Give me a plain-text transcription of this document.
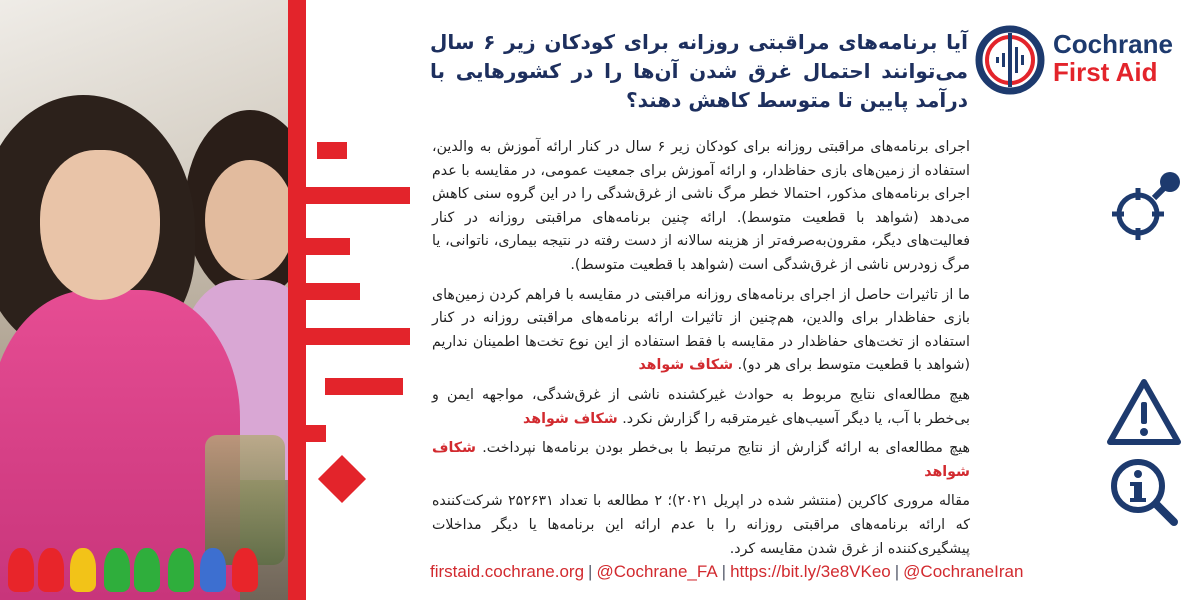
Cochrane
First Aid
آیا برنامه‌های مراقبتی روزانه برای کودکان زیر ۶ سال می‌توانند احتمال غرق شدن آن‌ها را در کشورهایی با درآمد پایین تا متوسط کاهش دهند؟

اجرای برنامه‌های مراقبتی روزانه برای کودکان زیر ۶ سال در کنار ارائه آموزش به والدین، استفاده از زمین‌های بازی حفاظدار، و ارائه آموزش برای جمعیت عمومی، در مقایسه با عدم اجرای برنامه‌های مذکور، احتمالا خطر مرگ ناشی از غرق‌شدگی را در این گروه سنی کاهش می‌دهد (شواهد با قطعیت متوسط). ارائه چنین برنامه‌های مراقبتی روزانه در کنار فعالیت‌های دیگر، مقرون‌به‌صرفه‌تر از هزینه سالانه از دست رفته در نتیجه بیماری، ناتوانی، یا مرگ زودرس ناشی از غرق‌شدگی است (شواهد با قطعیت متوسط).

ما از تاثیرات حاصل از اجرای برنامه‌های روزانه مراقبتی در مقایسه با فراهم کردن زمین‌های بازی حفاظدار برای والدین، هم‌چنین از تاثیرات ارائه برنامه‌های مراقبتی روزانه در کنار استفاده از تخت‌های حفاظدار در مقایسه با فقط استفاده از این نوع تخت‌ها اطمینان نداریم (شواهد با قطعیت متوسط برای هر دو). شکاف شواهد

هیچ مطالعه‌ای نتایج مربوط به حوادث غیرکشنده ناشی از غرق‌شدگی، مواجهه ایمن و بی‌خطر با آب، یا دیگر آسیب‌های غیرمترقبه را گزارش نکرد. شکاف شواهد

هیچ مطالعه‌ای به ارائه گزارش از نتایج مرتبط با بی‌خطر بودن برنامه‌ها نپرداخت. شکاف شواهد

مقاله مروری کاکرین (منتشر شده در اپریل ۲۰۲۱)؛ ۲ مطالعه با تعداد ۲۵۲۶۳۱ شرکت‌کننده که ارائه برنامه‌های مراقبتی روزانه را با عدم ارائه این برنامه‌ها یا دیگر مداخلات پیشگیری‌کننده از غرق شدن مقایسه کرد.

firstaid.cochrane.org | @Cochrane_FA | https://bit.ly/3e8VKeo | @CochraneIran
